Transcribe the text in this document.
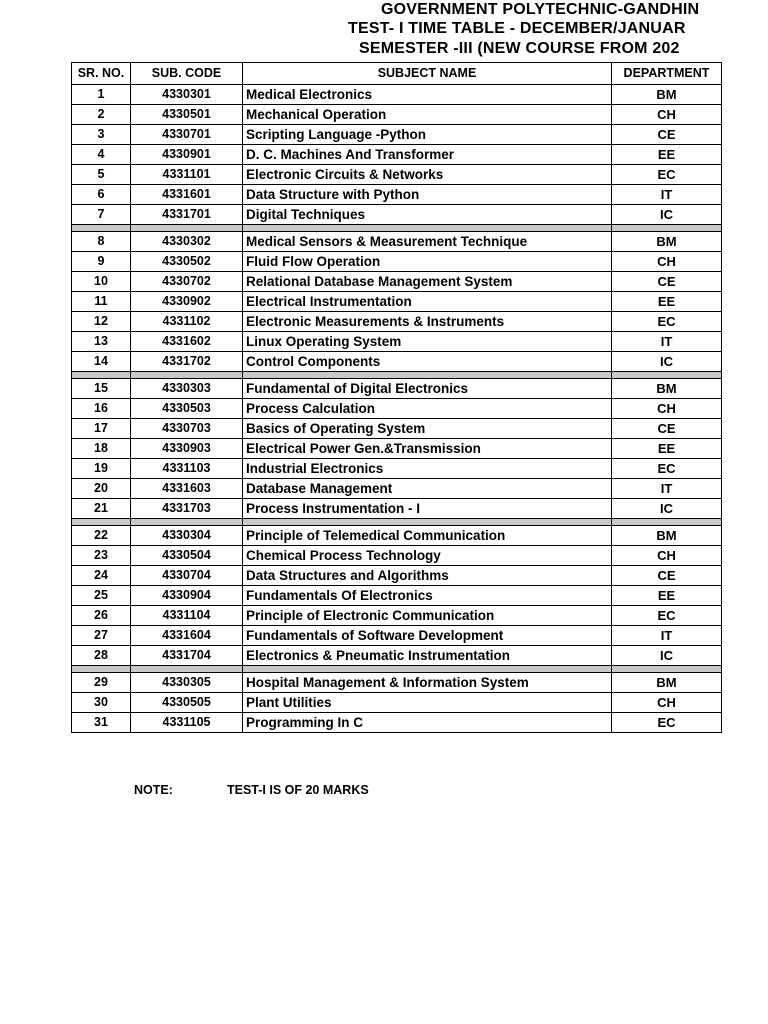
GOVERNMENT POLYTECHNIC-GANDHIN
TEST- I TIME TABLE - DECEMBER/JANUAR
SEMESTER -III (NEW COURSE FROM 202
SR. NO.	SUB. CODE	SUBJECT NAME	DEPARTMENT
1	4330301	Medical Electronics	BM
2	4330501	Mechanical Operation	CH
3	4330701	Scripting Language -Python	CE
4	4330901	D. C. Machines And Transformer	EE
5	4331101	Electronic Circuits & Networks	EC
6	4331601	Data Structure with Python	IT
7	4331701	Digital Techniques	IC

8	4330302	Medical Sensors & Measurement Technique	BM
9	4330502	Fluid Flow Operation	CH
10	4330702	Relational Database Management System	CE
11	4330902	Electrical Instrumentation	EE
12	4331102	Electronic Measurements & Instruments	EC
13	4331602	Linux Operating System	IT
14	4331702	Control Components	IC

15	4330303	Fundamental of Digital Electronics	BM
16	4330503	Process Calculation	CH
17	4330703	Basics of Operating System	CE
18	4330903	Electrical Power Gen.&Transmission	EE
19	4331103	Industrial Electronics	EC
20	4331603	Database Management	IT
21	4331703	Process Instrumentation - I	IC

22	4330304	Principle of Telemedical Communication	BM
23	4330504	Chemical Process Technology	CH
24	4330704	Data Structures and Algorithms	CE
25	4330904	Fundamentals Of Electronics	EE
26	4331104	Principle of Electronic Communication	EC
27	4331604	Fundamentals of Software Development	IT
28	4331704	Electronics & Pneumatic Instrumentation	IC

29	4330305	Hospital Management & Information System	BM
30	4330505	Plant Utilities	CH
31	4331105	Programming In C	EC
NOTE:	TEST-I IS OF 20 MARKS
